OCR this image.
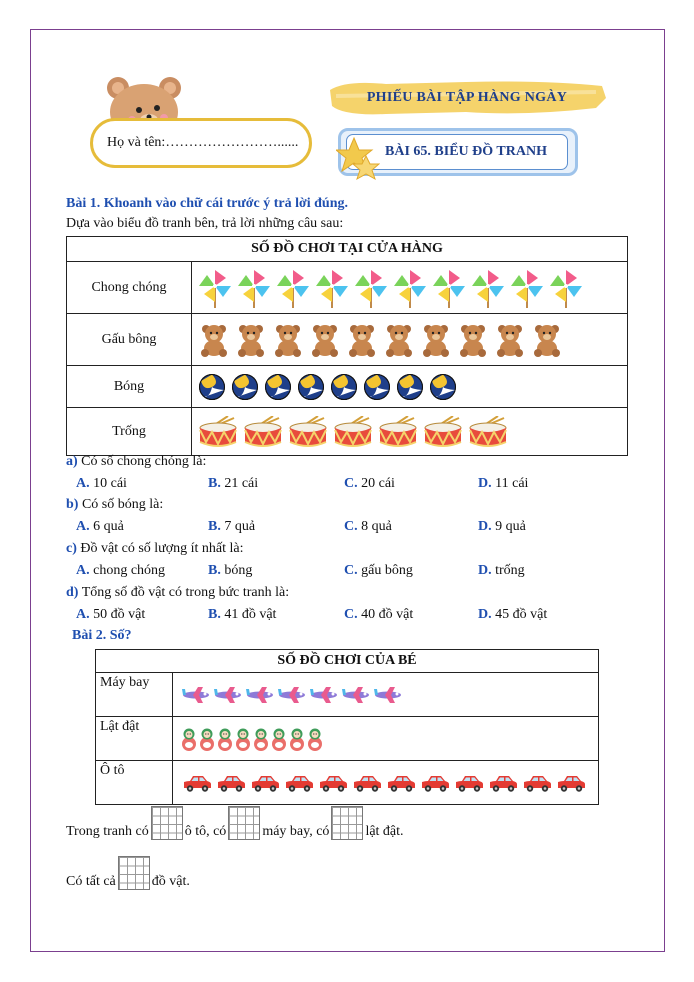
Họ và tên:……………………......
PHIẾU BÀI TẬP HÀNG NGÀY
BÀI 65. BIỂU ĐỒ TRANH
Bài 1. Khoanh vào chữ cái trước ý trả lời đúng.
Dựa vào biểu đồ tranh bên, trả lời những câu sau:
SỐ ĐỒ CHƠI TẠI CỬA HÀNG	
Chong chóng	
Gấu bông	
Bóng	
Trống	
a) Có số chong chóng là:
A. 10 cái	B. 21 cái	C. 20 cái	D. 11 cái
b) Có số bóng là:
A. 6 quả	B. 7 quả	C. 8 quả	D. 9 quả
c) Đồ vật có số lượng ít nhất là:
A. chong chóng	B. bóng	C. gấu bông	D. trống
d) Tổng số đồ vật có trong bức tranh là:
A. 50 đồ vật	B. 41 đồ vật	C. 40 đồ vật	D. 45 đồ vật
Bài 2. Số?
SỐ ĐỒ CHƠI CỦA BÉ	
Máy bay	
Lật đật	
Ô tô	
Trong tranh có	ô tô, có	máy bay, có	lật đật.
Có tất cả	đồ vật.
